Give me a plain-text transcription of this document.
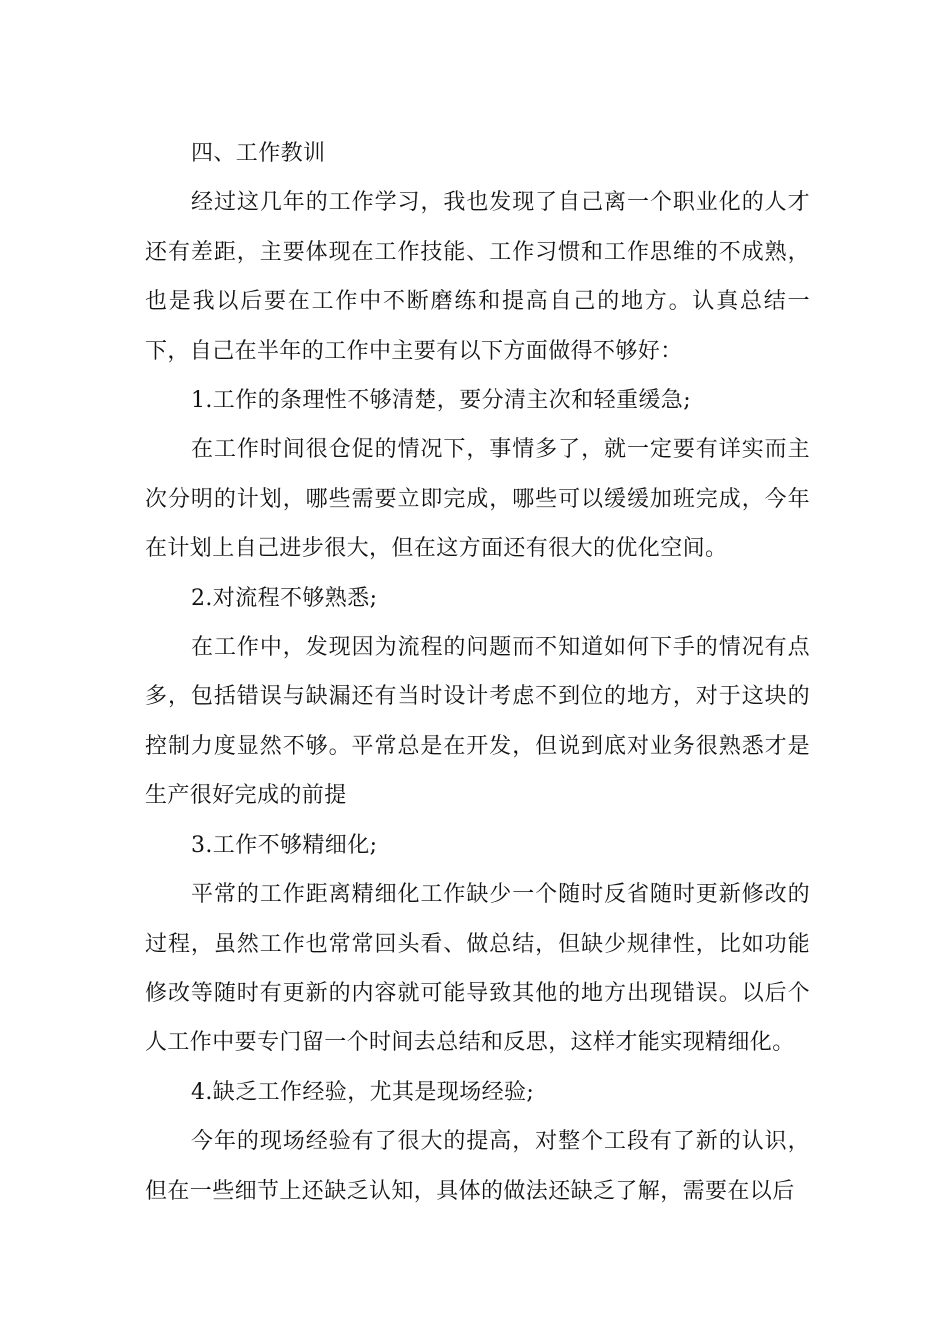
四、工作教训

经过这几年的工作学习，我也发现了自己离一个职业化的人才还有差距，主要体现在工作技能、工作习惯和工作思维的不成熟，也是我以后要在工作中不断磨练和提高自己的地方。认真总结一下，自己在半年的工作中主要有以下方面做得不够好：

1.工作的条理性不够清楚，要分清主次和轻重缓急;

在工作时间很仓促的情况下，事情多了，就一定要有详实而主次分明的计划，哪些需要立即完成，哪些可以缓缓加班完成，今年在计划上自己进步很大，但在这方面还有很大的优化空间。

2.对流程不够熟悉;

在工作中，发现因为流程的问题而不知道如何下手的情况有点多，包括错误与缺漏还有当时设计考虑不到位的地方，对于这块的控制力度显然不够。平常总是在开发，但说到底对业务很熟悉才是生产很好完成的前提

3.工作不够精细化;

平常的工作距离精细化工作缺少一个随时反省随时更新修改的过程，虽然工作也常常回头看、做总结，但缺少规律性，比如功能修改等随时有更新的内容就可能导致其他的地方出现错误。以后个人工作中要专门留一个时间去总结和反思，这样才能实现精细化。

4.缺乏工作经验，尤其是现场经验;

今年的现场经验有了很大的提高，对整个工段有了新的认识，但在一些细节上还缺乏认知，具体的做法还缺乏了解，需要在以后
